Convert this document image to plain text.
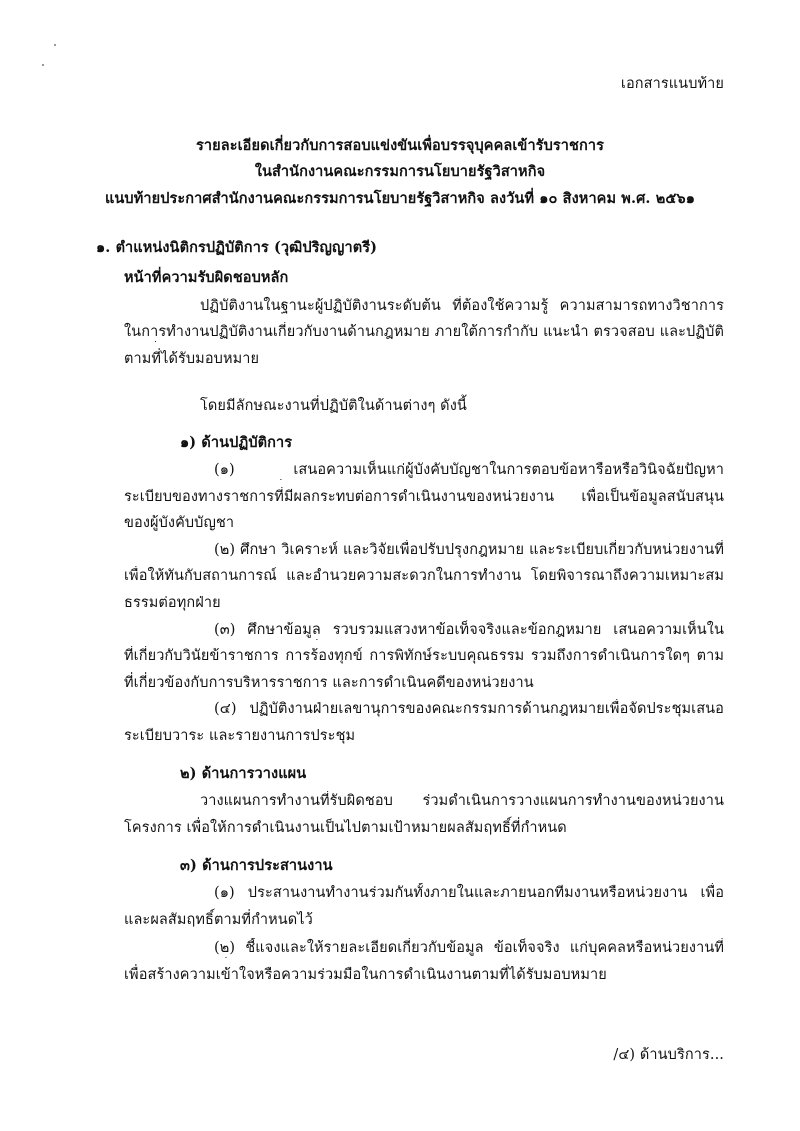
เอกสารแนบท้าย
รายละเอียดเกี่ยวกับการสอบแข่งขันเพื่อบรรจุบุคคลเข้ารับราชการ
ในสำนักงานคณะกรรมการนโยบายรัฐวิสาหกิจ
แนบท้ายประกาศสำนักงานคณะกรรมการนโยบายรัฐวิสาหกิจ ลงวันที่ ๑๐ สิงหาคม พ.ศ. ๒๕๖๑
๑. ตำแหน่งนิติกรปฏิบัติการ (วุฒิปริญญาตรี)
หน้าที่ความรับผิดชอบหลัก
ปฏิบัติงานในฐานะผู้ปฏิบัติงานระดับต้น ที่ต้องใช้ความรู้ ความสามารถทางวิชาการ
ในการทำงานปฏิบัติงานเกี่ยวกับงานด้านกฎหมาย ภายใต้การกำกับ แนะนำ ตรวจสอบ และปฏิบัติ
ตามที่ได้รับมอบหมาย
โดยมีลักษณะงานที่ปฏิบัติในด้านต่างๆ ดังนี้
๑) ด้านปฏิบัติการ
(๑) เสนอความเห็นแก่ผู้บังคับบัญชาในการตอบข้อหารือหรือวินิจฉัยปัญหา
ระเบียบของทางราชการที่มีผลกระทบต่อการดำเนินงานของหน่วยงาน เพื่อเป็นข้อมูลสนับสนุน
ของผู้บังคับบัญชา
(๒) ศึกษา วิเคราะห์ และวิจัยเพื่อปรับปรุงกฎหมาย และระเบียบเกี่ยวกับหน่วยงานที่
เพื่อให้ทันกับสถานการณ์ และอำนวยความสะดวกในการทำงาน โดยพิจารณาถึงความเหมาะสม
ธรรมต่อทุกฝ่าย
(๓) ศึกษาข้อมูล รวบรวมแสวงหาข้อเท็จจริงและข้อกฎหมาย เสนอความเห็นใน
ที่เกี่ยวกับวินัยข้าราชการ การร้องทุกข์ การพิทักษ์ระบบคุณธรรม รวมถึงการดำเนินการใดๆ ตาม
ที่เกี่ยวข้องกับการบริหารราชการ และการดำเนินคดีของหน่วยงาน
(๔) ปฏิบัติงานฝ่ายเลขานุการของคณะกรรมการด้านกฎหมายเพื่อจัดประชุมเสนอ
ระเบียบวาระ และรายงานการประชุม
๒) ด้านการวางแผน
วางแผนการทำงานที่รับผิดชอบ ร่วมดำเนินการวางแผนการทำงานของหน่วยงาน
โครงการ เพื่อให้การดำเนินงานเป็นไปตามเป้าหมายผลสัมฤทธิ์ที่กำหนด
๓) ด้านการประสานงาน
(๑) ประสานงานทำงานร่วมกันทั้งภายในและภายนอกทีมงานหรือหน่วยงาน เพื่อ
และผลสัมฤทธิ์ตามที่กำหนดไว้
(๒) ชี้แจงและให้รายละเอียดเกี่ยวกับข้อมูล ข้อเท็จจริง แก่บุคคลหรือหน่วยงานที่
เพื่อสร้างความเข้าใจหรือความร่วมมือในการดำเนินงานตามที่ได้รับมอบหมาย
/๔) ด้านบริการ...
